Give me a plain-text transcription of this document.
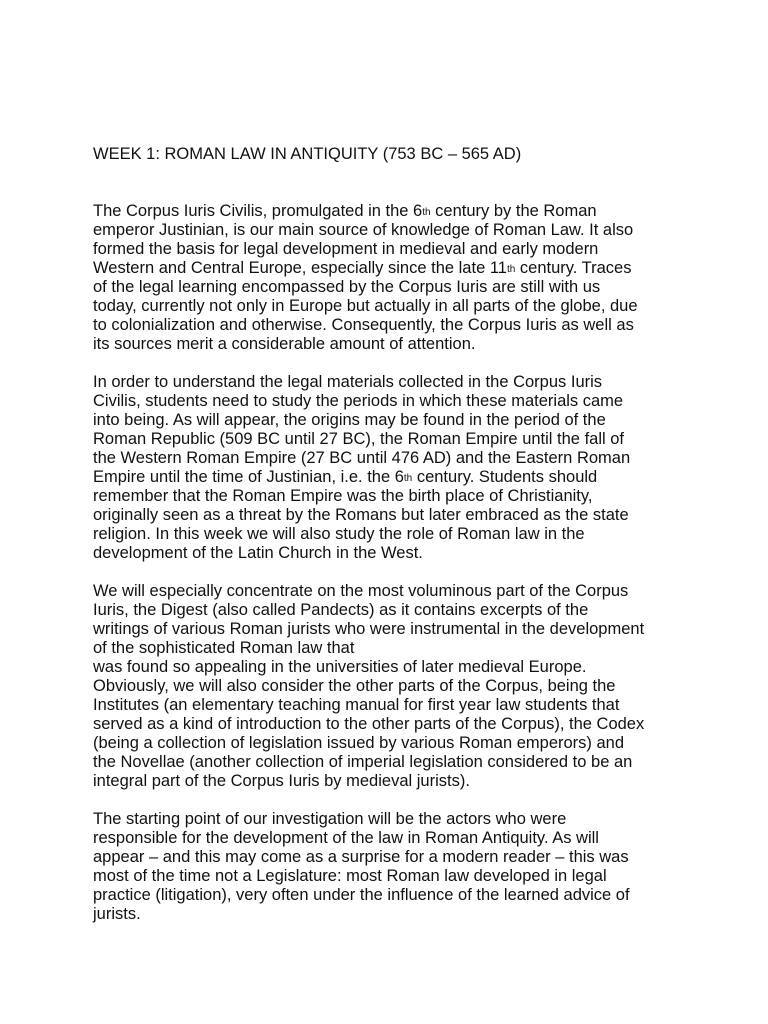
WEEK 1: ROMAN LAW IN ANTIQUITY (753 BC – 565 AD)

The Corpus Iuris Civilis, promulgated in the 6th century by the Roman
emperor Justinian, is our main source of knowledge of Roman Law. It also
formed the basis for legal development in medieval and early modern
Western and Central Europe, especially since the late 11th century. Traces
of the legal learning encompassed by the Corpus Iuris are still with us
today, currently not only in Europe but actually in all parts of the globe, due
to colonialization and otherwise. Consequently, the Corpus Iuris as well as
its sources merit a considerable amount of attention.

In order to understand the legal materials collected in the Corpus Iuris
Civilis, students need to study the periods in which these materials came
into being. As will appear, the origins may be found in the period of the
Roman Republic (509 BC until 27 BC), the Roman Empire until the fall of
the Western Roman Empire (27 BC until 476 AD) and the Eastern Roman
Empire until the time of Justinian, i.e. the 6th century. Students should
remember that the Roman Empire was the birth place of Christianity,
originally seen as a threat by the Romans but later embraced as the state
religion. In this week we will also study the role of Roman law in the
development of the Latin Church in the West.

We will especially concentrate on the most voluminous part of the Corpus
Iuris, the Digest (also called Pandects) as it contains excerpts of the
writings of various Roman jurists who were instrumental in the development
of the sophisticated Roman law that
was found so appealing in the universities of later medieval Europe.
Obviously, we will also consider the other parts of the Corpus, being the
Institutes (an elementary teaching manual for first year law students that
served as a kind of introduction to the other parts of the Corpus), the Codex
(being a collection of legislation issued by various Roman emperors) and
the Novellae (another collection of imperial legislation considered to be an
integral part of the Corpus Iuris by medieval jurists).

The starting point of our investigation will be the actors who were
responsible for the development of the law in Roman Antiquity. As will
appear – and this may come as a surprise for a modern reader – this was
most of the time not a Legislature: most Roman law developed in legal
practice (litigation), very often under the influence of the learned advice of
jurists.
